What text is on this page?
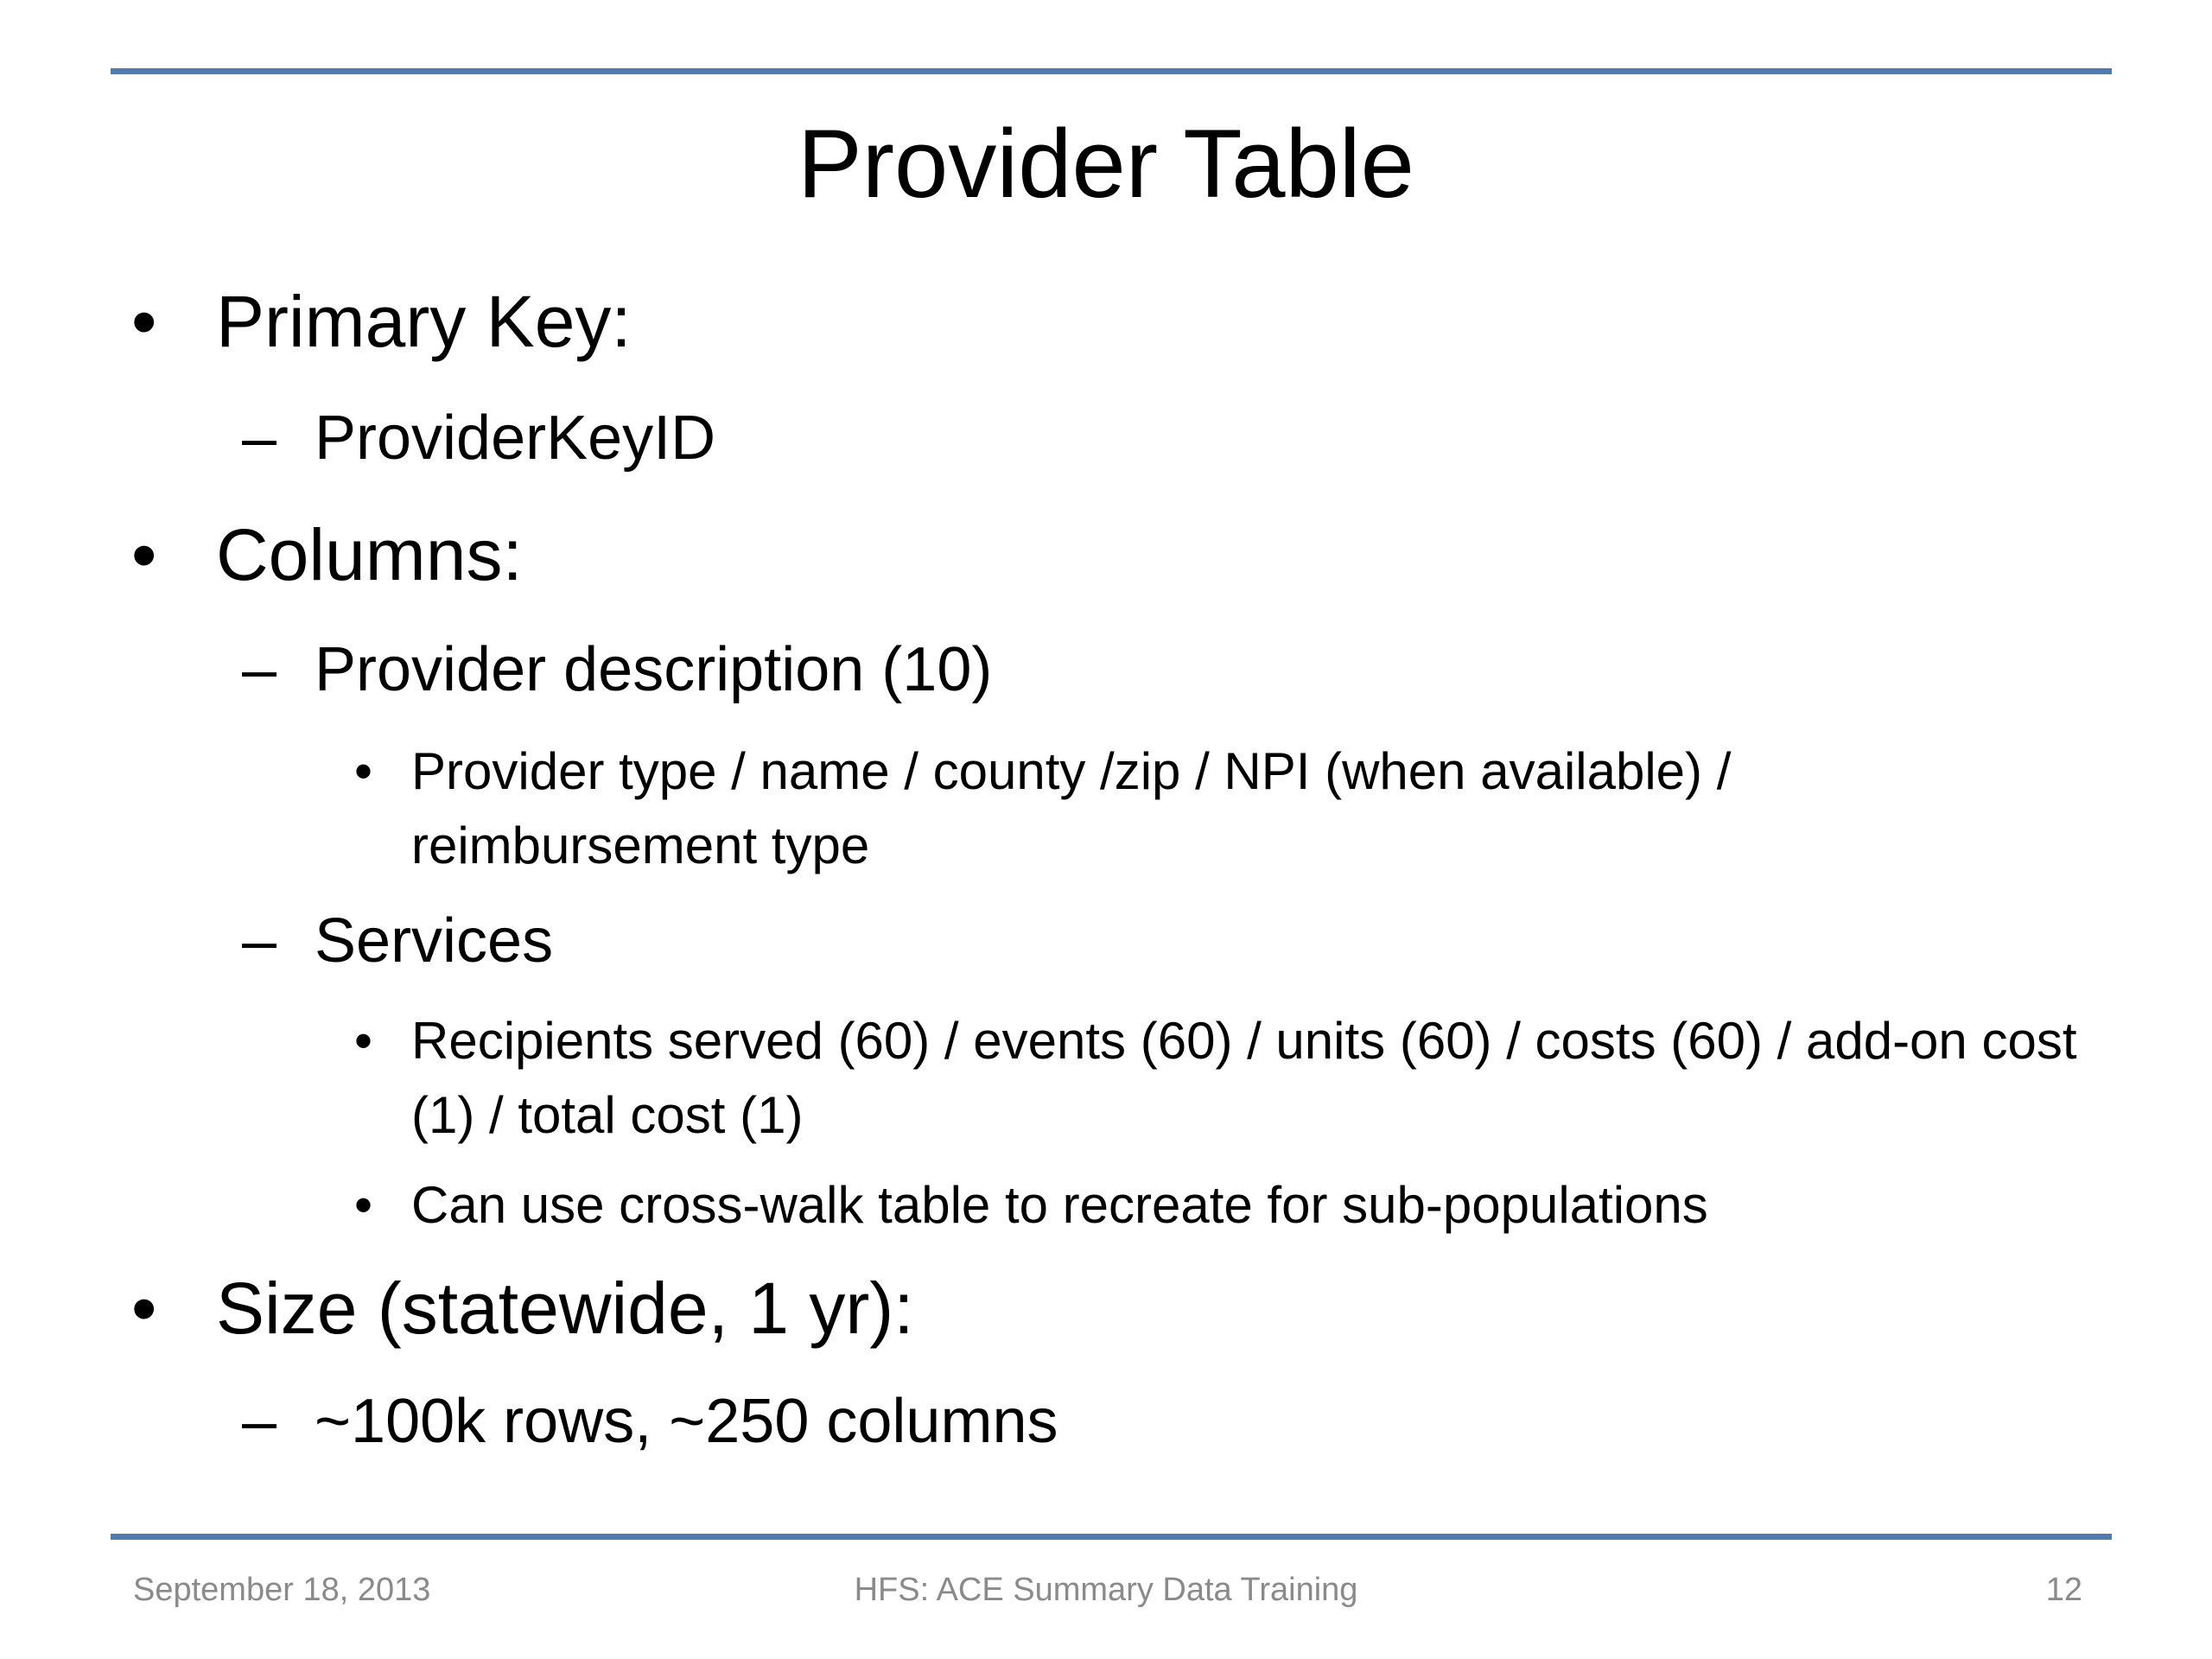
Provider Table
• Primary Key:
– ProviderKeyID
• Columns:
– Provider description (10)
• Provider type / name / county /zip / NPI (when available) / reimbursement type
– Services
• Recipients served (60) / events (60) / units (60) / costs (60) / add-on cost (1) / total cost (1)
• Can use cross-walk table to recreate for sub-populations
• Size (statewide, 1 yr):
– ~100k rows, ~250 columns
September 18, 2013	HFS: ACE Summary Data Training	12
